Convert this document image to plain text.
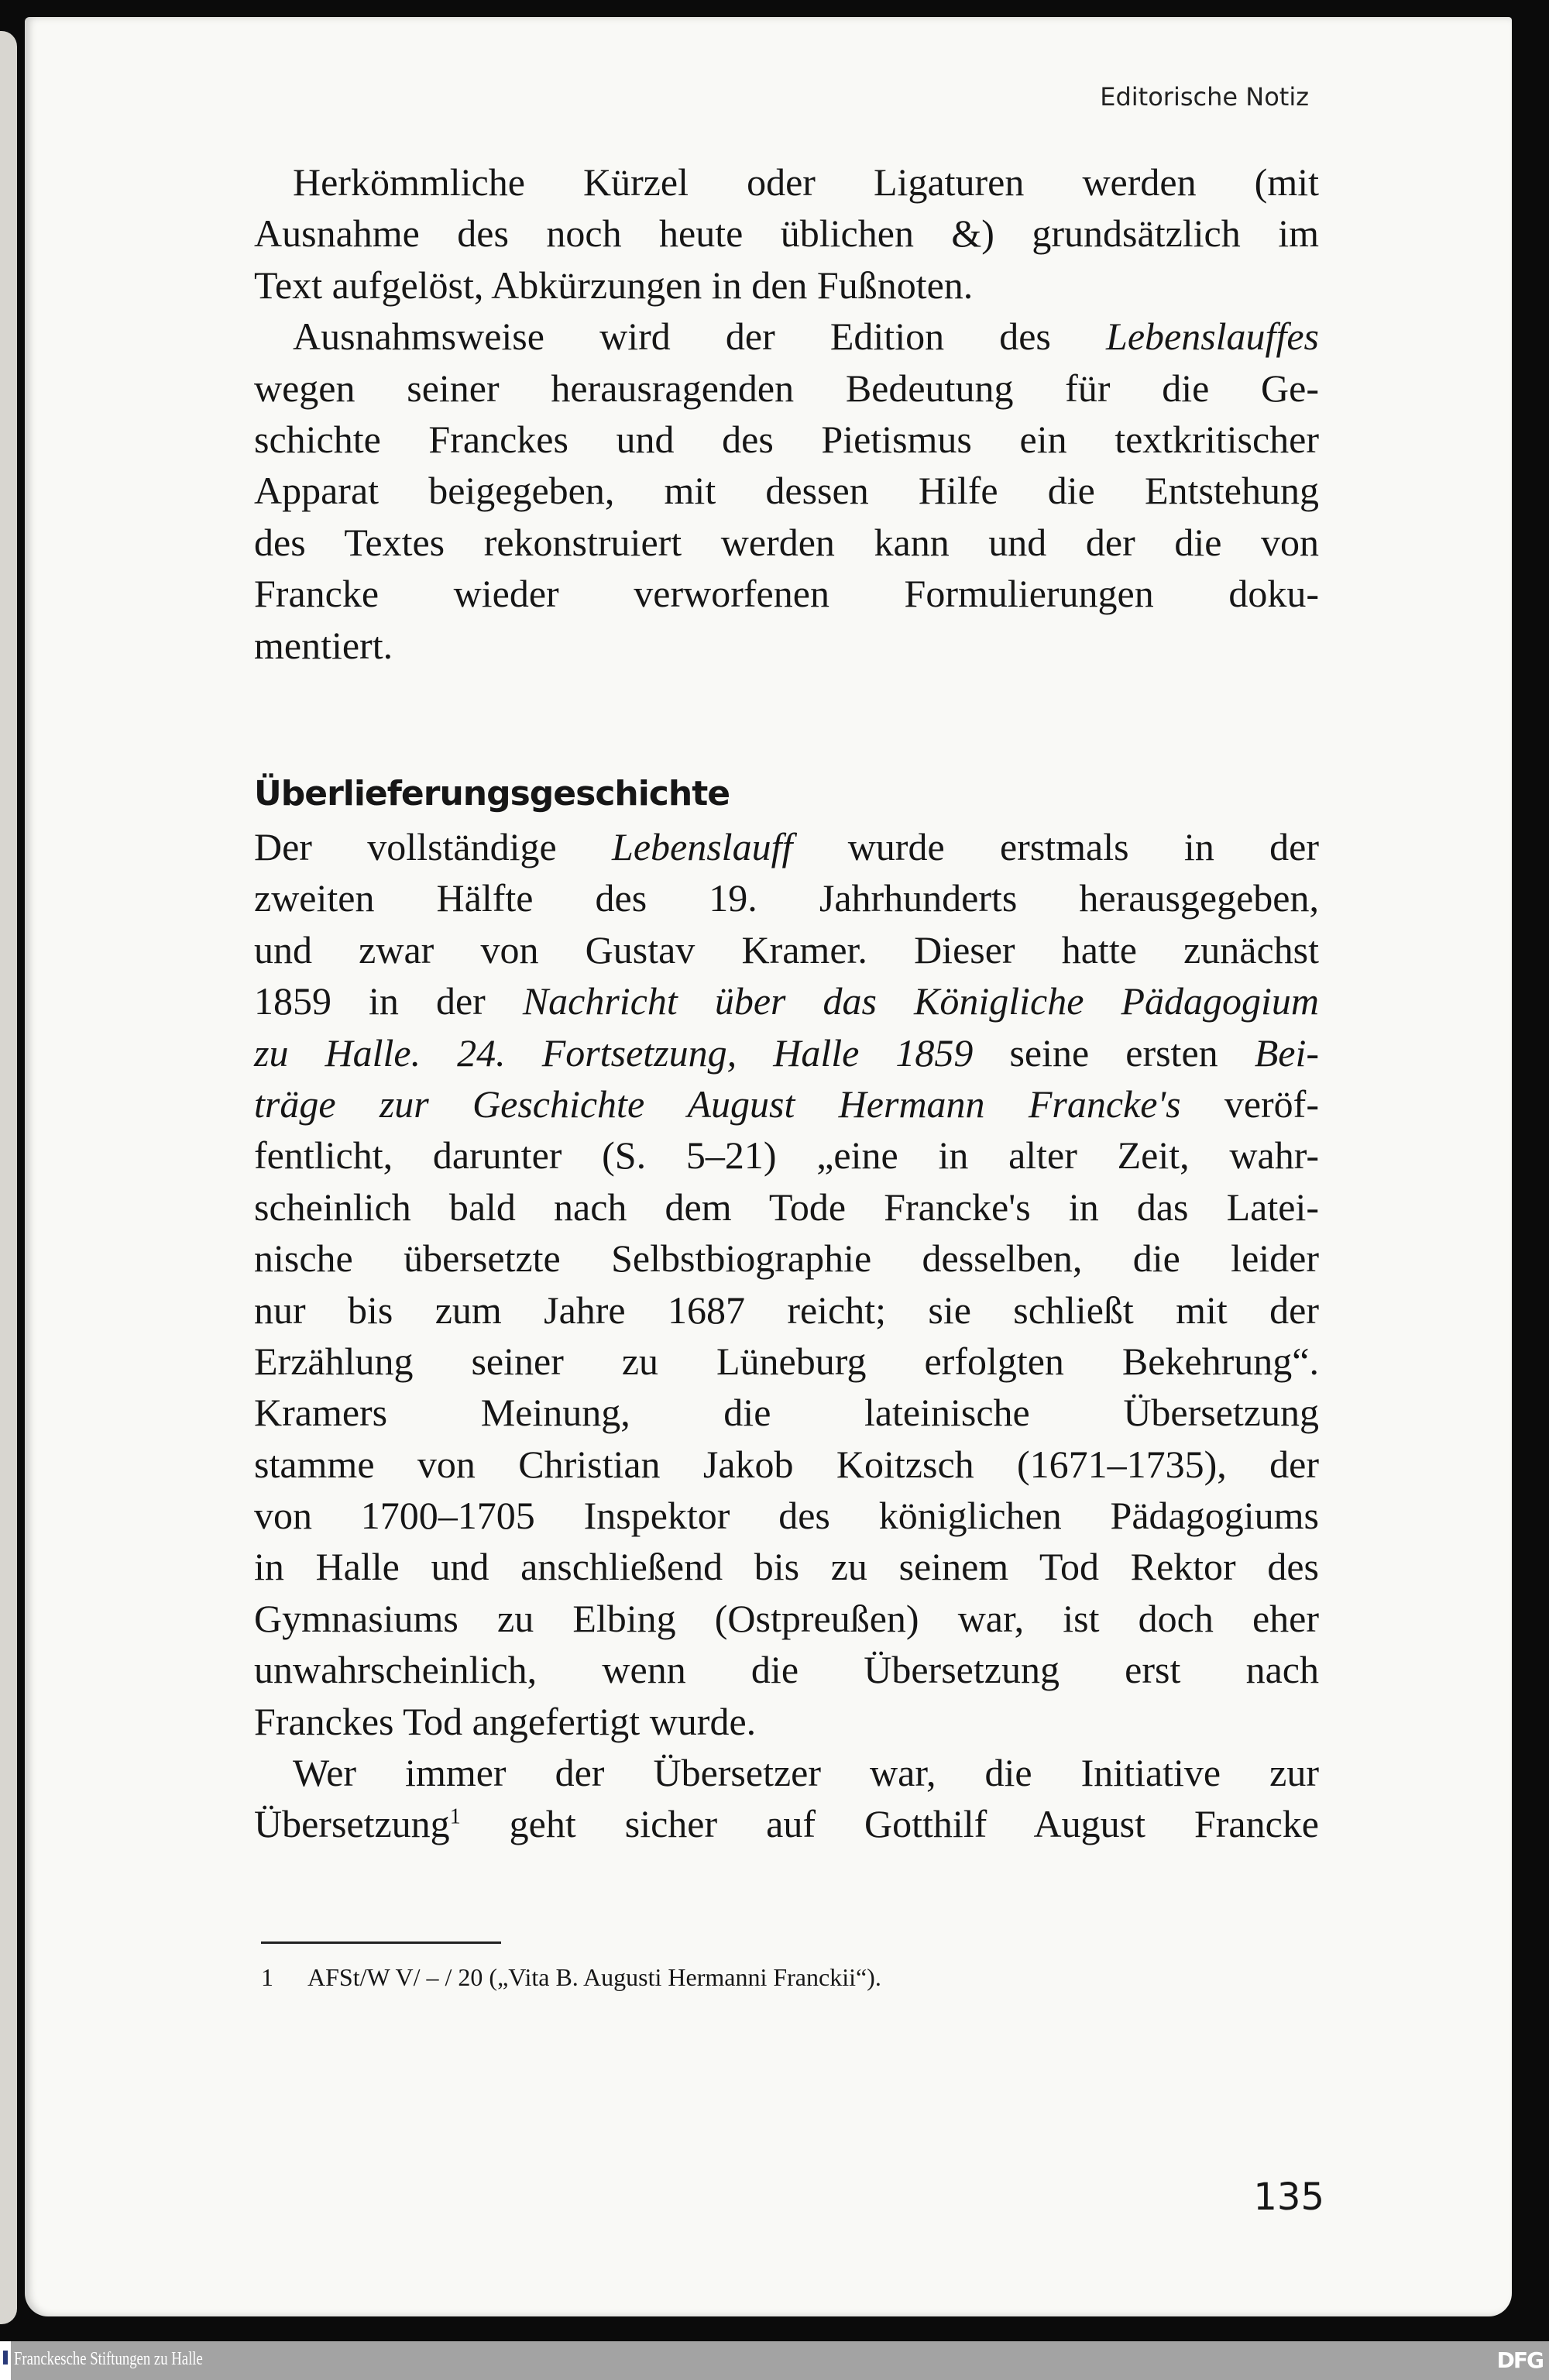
Editorische Notiz
Herkömmliche Kürzel oder Ligaturen werden (mit
Ausnahme des noch heute üblichen &) grundsätzlich im
Text aufgelöst, Abkürzungen in den Fußnoten.
Ausnahmsweise wird der Edition des Lebenslauffes
wegen seiner herausragenden Bedeutung für die Ge-
schichte Franckes und des Pietismus ein textkritischer
Apparat beigegeben, mit dessen Hilfe die Entstehung
des Textes rekonstruiert werden kann und der die von
Francke wieder verworfenen Formulierungen doku-
mentiert.
Überlieferungsgeschichte
Der vollständige Lebenslauff wurde erstmals in der
zweiten Hälfte des 19. Jahrhunderts herausgegeben,
und zwar von Gustav Kramer. Dieser hatte zunächst
1859 in der Nachricht über das Königliche Pädagogium
zu Halle. 24. Fortsetzung, Halle 1859 seine ersten Bei-
träge zur Geschichte August Hermann Francke's veröf-
fentlicht, darunter (S. 5–21) „eine in alter Zeit, wahr-
scheinlich bald nach dem Tode Francke's in das Latei-
nische übersetzte Selbstbiographie desselben, die leider
nur bis zum Jahre 1687 reicht; sie schließt mit der
Erzählung seiner zu Lüneburg erfolgten Bekehrung“.
Kramers Meinung, die lateinische Übersetzung
stamme von Christian Jakob Koitzsch (1671–1735), der
von 1700–1705 Inspektor des königlichen Pädagogiums
in Halle und anschließend bis zu seinem Tod Rektor des
Gymnasiums zu Elbing (Ostpreußen) war, ist doch eher
unwahrscheinlich, wenn die Übersetzung erst nach
Franckes Tod angefertigt wurde.
Wer immer der Übersetzer war, die Initiative zur
Übersetzung$^1$ geht sicher auf Gotthilf August Francke
1 AFSt/W V/ – / 20 („Vita B. Augusti Hermanni Franckii“).
135
Franckesche Stiftungen zu Halle	DFG
